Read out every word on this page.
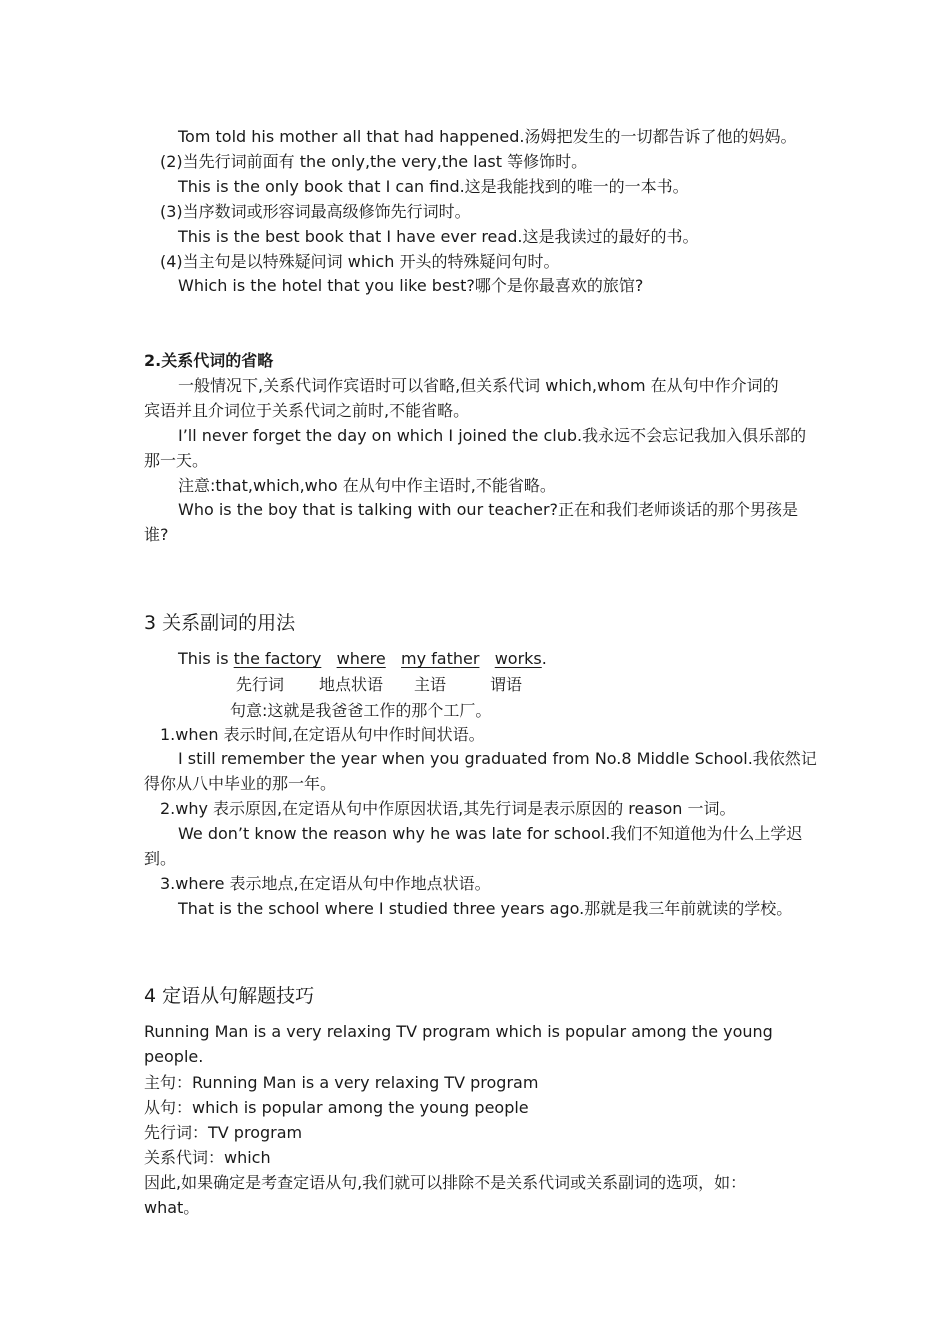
Tom told his mother all that had happened.汤姆把发生的一切都告诉了他的妈妈。

(2)当先行词前面有 the only,the very,the last 等修饰时。

This is the only book that I can find.这是我能找到的唯一的一本书。

(3)当序数词或形容词最高级修饰先行词时。

This is the best book that I have ever read.这是我读过的最好的书。

(4)当主句是以特殊疑问词 which 开头的特殊疑问句时。

Which is the hotel that you like best?哪个是你最喜欢的旅馆?

2.关系代词的省略

一般情况下,关系代词作宾语时可以省略,但关系代词 which,whom 在从句中作介词的

宾语并且介词位于关系代词之前时,不能省略。

I’ll never forget the day on which I joined the club.我永远不会忘记我加入俱乐部的

那一天。

注意:that,which,who 在从句中作主语时,不能省略。

Who is the boy that is talking with our teacher?正在和我们老师谈话的那个男孩是

谁?

3 关系副词的用法

This is the factory where my father works.

先行词 地点状语 主语	谓语

句意:这就是我爸爸工作的那个工厂。

1.when 表示时间,在定语从句中作时间状语。

I still remember the year when you graduated from No.8 Middle School.我依然记

得你从八中毕业的那一年。

2.why 表示原因,在定语从句中作原因状语,其先行词是表示原因的 reason 一词。

We don’t know the reason why he was late for school.我们不知道他为什么上学迟

到。

3.where 表示地点,在定语从句中作地点状语。

That is the school where I studied three years ago.那就是我三年前就读的学校。

4 定语从句解题技巧

Running Man is a very relaxing TV program which is popular among the young

people.

主句：Running Man is a very relaxing TV program

从句：which is popular among the young people

先行词：TV program

关系代词：which

因此,如果确定是考查定语从句,我们就可以排除不是关系代词或关系副词的选项，如：

what。
